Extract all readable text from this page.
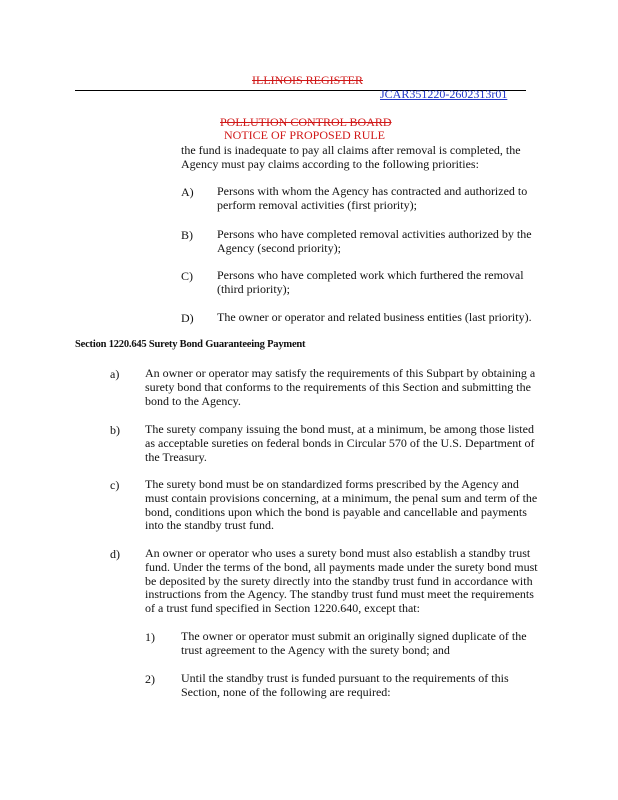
ILLINOIS REGISTER
JCAR351220-2602313r01
POLLUTION CONTROL BOARD
NOTICE OF PROPOSED RULE
the fund is inadequate to pay all claims after removal is completed, the
Agency must pay claims according to the following priorities:
A) Persons with whom the Agency has contracted and authorized to
perform removal activities (first priority);
B) Persons who have completed removal activities authorized by the
Agency (second priority);
C) Persons who have completed work which furthered the removal
(third priority);
D) The owner or operator and related business entities (last priority).
Section 1220.645 Surety Bond Guaranteeing Payment
a) An owner or operator may satisfy the requirements of this Subpart by obtaining a
surety bond that conforms to the requirements of this Section and submitting the
bond to the Agency.
b) The surety company issuing the bond must, at a minimum, be among those listed
as acceptable sureties on federal bonds in Circular 570 of the U.S. Department of
the Treasury.
c) The surety bond must be on standardized forms prescribed by the Agency and
must contain provisions concerning, at a minimum, the penal sum and term of the
bond, conditions upon which the bond is payable and cancellable and payments
into the standby trust fund.
d) An owner or operator who uses a surety bond must also establish a standby trust
fund. Under the terms of the bond, all payments made under the surety bond must
be deposited by the surety directly into the standby trust fund in accordance with
instructions from the Agency. The standby trust fund must meet the requirements
of a trust fund specified in Section 1220.640, except that:
1) The owner or operator must submit an originally signed duplicate of the
trust agreement to the Agency with the surety bond; and
2) Until the standby trust is funded pursuant to the requirements of this
Section, none of the following are required:
